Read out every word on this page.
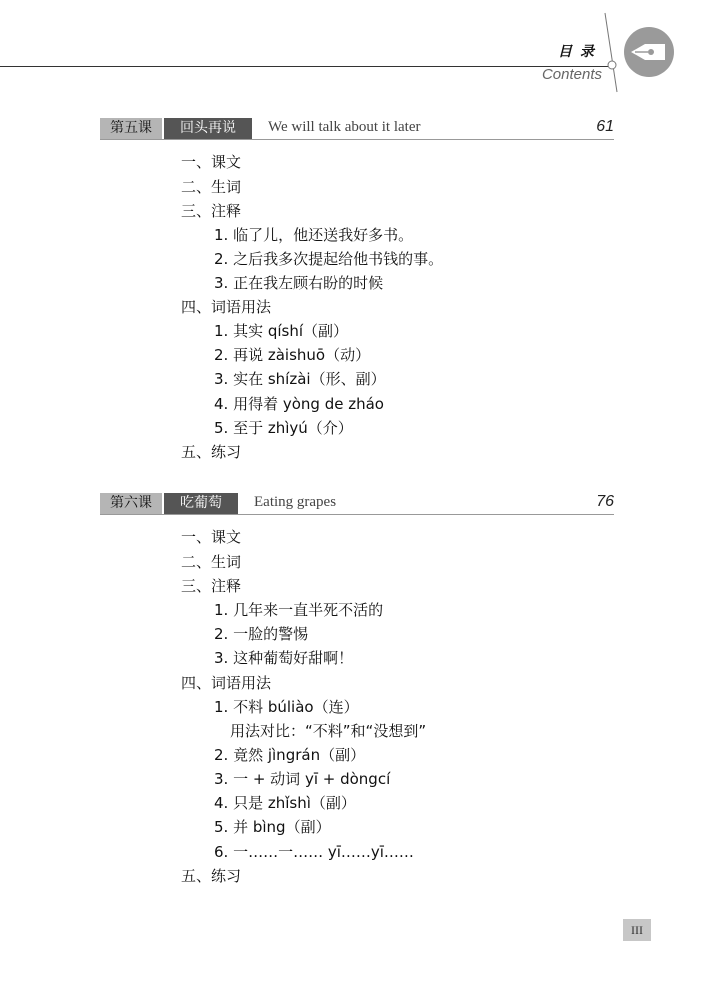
目录
Contents
第五课	回头再说	We will talk about it later	61
一、课文
二、生词
三、注释
1. 临了儿，他还送我好多书。
2. 之后我多次提起给他书钱的事。
3. 正在我左顾右盼的时候
四、词语用法
1. 其实 qíshí（副）
2. 再说 zàishuō（动）
3. 实在 shízài（形、副）
4. 用得着 yòng de zháo
5. 至于 zhìyú（介）
五、练习
第六课	吃葡萄	Eating grapes	76
一、课文
二、生词
三、注释
1. 几年来一直半死不活的
2. 一脸的警惕
3. 这种葡萄好甜啊！
四、词语用法
1. 不料 búliào（连）
用法对比：“不料”和“没想到”
2. 竟然 jìngrán（副）
3. 一 + 动词 yī + dòngcí
4. 只是 zhǐshì（副）
5. 并 bìng（副）
6. 一……一…… yī……yī……
五、练习
III
